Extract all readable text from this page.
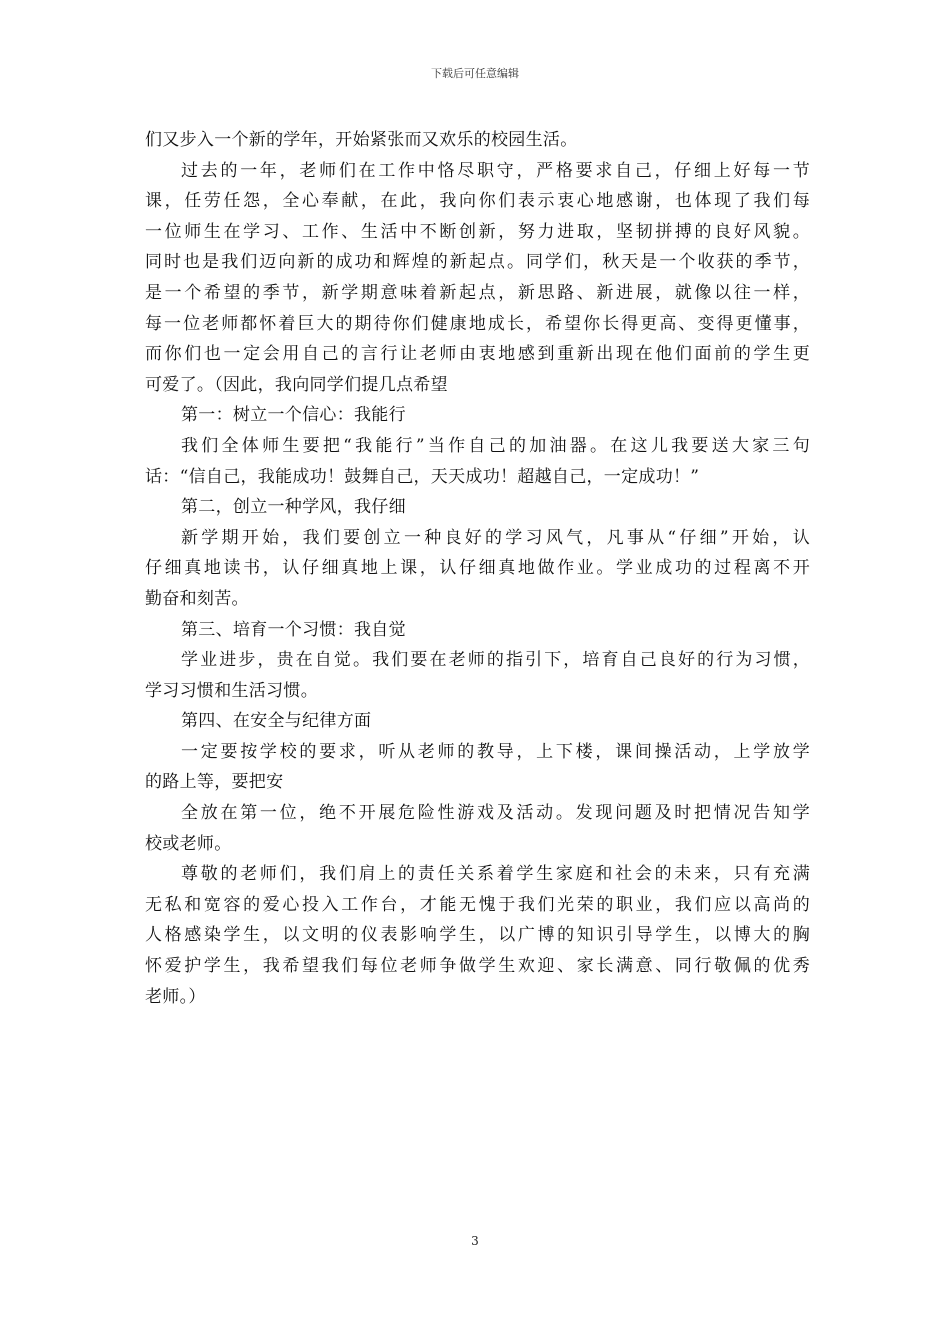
下载后可任意编辑
们又步入一个新的学年，开始紧张而又欢乐的校园生活。
过去的一年，老师们在工作中恪尽职守，严格要求自己，仔细上好每一节
课，任劳任怨，全心奉献，在此，我向你们表示衷心地感谢，也体现了我们每
一位师生在学习、工作、生活中不断创新，努力进取，坚韧拼搏的良好风貌。
同时也是我们迈向新的成功和辉煌的新起点。同学们，秋天是一个收获的季节，
是一个希望的季节，新学期意味着新起点，新思路、新进展，就像以往一样，
每一位老师都怀着巨大的期待你们健康地成长，希望你长得更高、变得更懂事，
而你们也一定会用自己的言行让老师由衷地感到重新出现在他们面前的学生更
可爱了。（因此，我向同学们提几点希望
第一：树立一个信心：我能行
我们全体师生要把“我能行”当作自己的加油器。在这儿我要送大家三句
话：“信自己，我能成功！鼓舞自己，天天成功！超越自己，一定成功！”
第二，创立一种学风，我仔细
新学期开始，我们要创立一种良好的学习风气，凡事从“仔细”开始，认
仔细真地读书，认仔细真地上课，认仔细真地做作业。学业成功的过程离不开
勤奋和刻苦。
第三、培育一个习惯：我自觉
学业进步，贵在自觉。我们要在老师的指引下，培育自己良好的行为习惯，
学习习惯和生活习惯。
第四、在安全与纪律方面
一定要按学校的要求，听从老师的教导，上下楼，课间操活动，上学放学
的路上等，要把安
全放在第一位，绝不开展危险性游戏及活动。发现问题及时把情况告知学
校或老师。
尊敬的老师们，我们肩上的责任关系着学生家庭和社会的未来，只有充满
无私和宽容的爱心投入工作台，才能无愧于我们光荣的职业，我们应以高尚的
人格感染学生，以文明的仪表影响学生，以广博的知识引导学生，以博大的胸
怀爱护学生，我希望我们每位老师争做学生欢迎、家长满意、同行敬佩的优秀
老师。）
3
